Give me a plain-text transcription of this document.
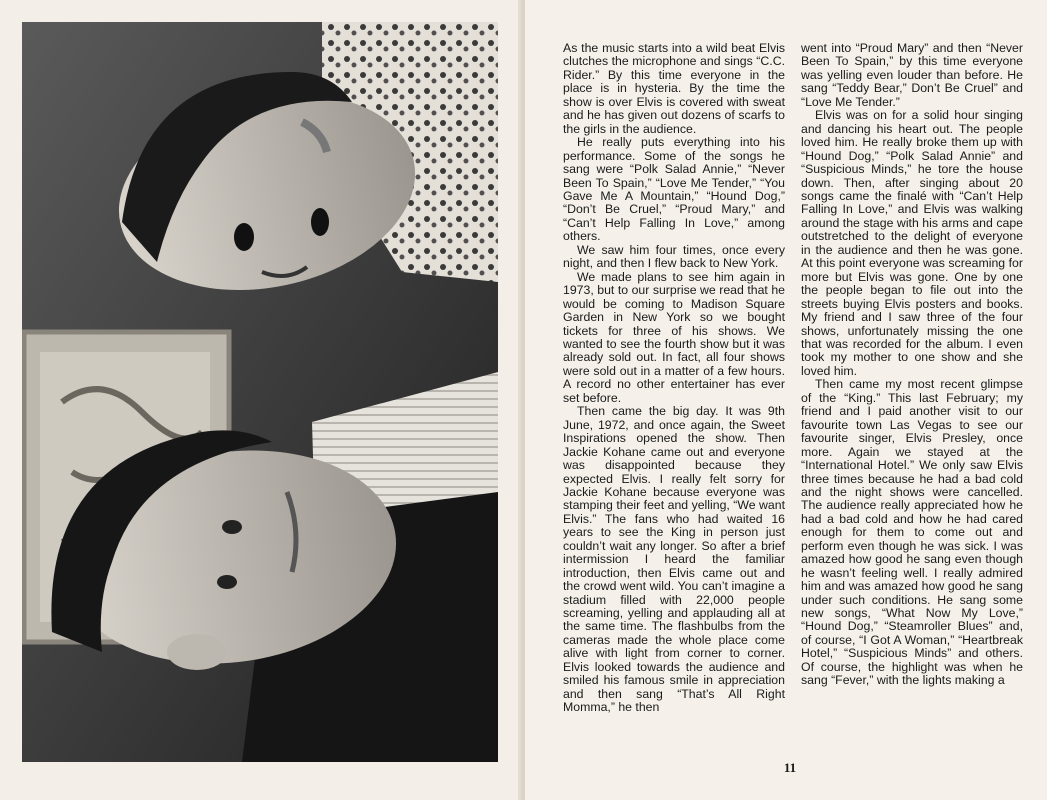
As the music starts into a wild beat Elvis clutches the microphone and sings “C.C. Rider.” By this time everyone in the place is in hysteria. By the time the show is over Elvis is covered with sweat and he has given out dozens of scarfs to the girls in the audience.

He really puts everything into his performance. Some of the songs he sang were “Polk Salad Annie,” “Never Been To Spain,” “Love Me Tender,” “You Gave Me A Mountain,” “Hound Dog,” “Don’t Be Cruel,” “Proud Mary,” and “Can’t Help Falling In Love,” among others.

We saw him four times, once every night, and then I flew back to New York.

We made plans to see him again in 1973, but to our surprise we read that he would be coming to Madison Square Garden in New York so we bought tickets for three of his shows. We wanted to see the fourth show but it was already sold out. In fact, all four shows were sold out in a matter of a few hours. A record no other entertainer has ever set before.

Then came the big day. It was 9th June, 1972, and once again, the Sweet Inspirations opened the show. Then Jackie Kohane came out and everyone was disappointed because they expected Elvis. I really felt sorry for Jackie Kohane because everyone was stamping their feet and yelling, “We want Elvis.” The fans who had waited 16 years to see the King in person just couldn’t wait any longer. So after a brief intermission I heard the familiar introduction, then Elvis came out and the crowd went wild. You can’t imagine a stadium filled with 22,000 people screaming, yelling and applauding all at the same time. The flashbulbs from the cameras made the whole place come alive with light from corner to corner. Elvis looked towards the audience and smiled his famous smile in appreciation and then sang “That’s All Right Momma,” he then

went into “Proud Mary” and then “Never Been To Spain,” by this time everyone was yelling even louder than before. He sang “Teddy Bear,” Don’t Be Cruel” and “Love Me Tender.”

Elvis was on for a solid hour singing and dancing his heart out. The people loved him. He really broke them up with “Hound Dog,” “Polk Salad Annie” and “Suspicious Minds,” he tore the house down. Then, after singing about 20 songs came the finalé with “Can’t Help Falling In Love,” and Elvis was walking around the stage with his arms and cape outstretched to the delight of everyone in the audience and then he was gone. At this point everyone was screaming for more but Elvis was gone. One by one the people began to file out into the streets buying Elvis posters and books. My friend and I saw three of the four shows, unfortunately missing the one that was recorded for the album. I even took my mother to one show and she loved him.

Then came my most recent glimpse of the “King.” This last February; my friend and I paid another visit to our favourite town Las Vegas to see our favourite singer, Elvis Presley, once more. Again we stayed at the “International Hotel.” We only saw Elvis three times because he had a bad cold and the night shows were cancelled. The audience really appreciated how he had a bad cold and how he had cared enough for them to come out and perform even though he was sick. I was amazed how good he sang even though he wasn’t feeling well. I really admired him and was amazed how good he sang under such conditions. He sang some new songs, “What Now My Love,” “Hound Dog,” “Steamroller Blues” and, of course, “I Got A Woman,” “Heartbreak Hotel,” “Suspicious Minds” and others. Of course, the highlight was when he sang “Fever,” with the lights making a

11
